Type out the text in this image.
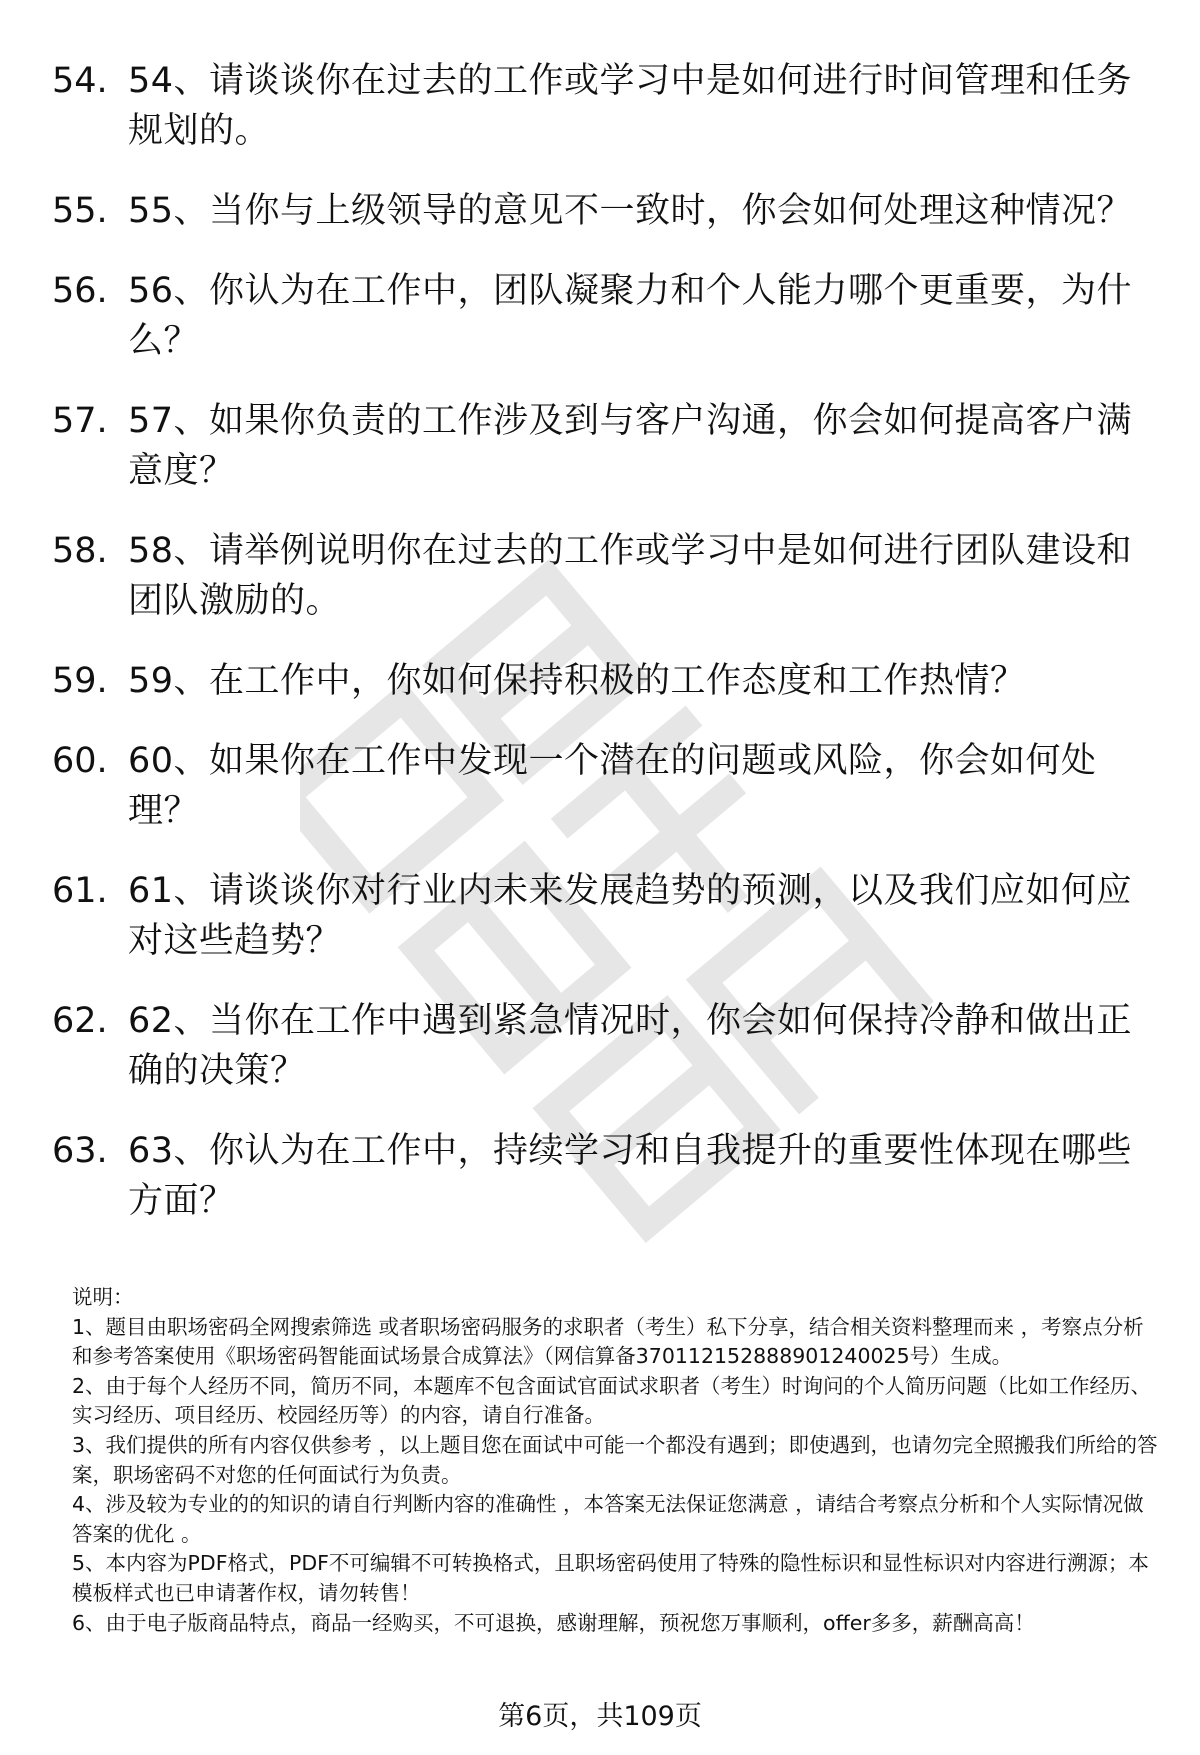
54. 54、请谈谈你在过去的工作或学习中是如何进行时间管理和任务规划的。
55. 55、当你与上级领导的意见不一致时，你会如何处理这种情况？
56. 56、你认为在工作中，团队凝聚力和个人能力哪个更重要，为什么？
57. 57、如果你负责的工作涉及到与客户沟通，你会如何提高客户满意度？
58. 58、请举例说明你在过去的工作或学习中是如何进行团队建设和团队激励的。
59. 59、在工作中，你如何保持积极的工作态度和工作热情？
60. 60、如果你在工作中发现一个潜在的问题或风险，你会如何处理？
61. 61、请谈谈你对行业内未来发展趋势的预测，以及我们应如何应对这些趋势？
62. 62、当你在工作中遇到紧急情况时，你会如何保持冷静和做出正确的决策？
63. 63、你认为在工作中，持续学习和自我提升的重要性体现在哪些方面？

说明：

1、题目由职场密码全网搜索筛选 或者职场密码服务的求职者（考生）私下分享，结合相关资料整理而来 ，考察点分析和参考答案使用《职场密码智能面试场景合成算法》（网信算备370112152888901240025号）生成。

2、由于每个人经历不同，简历不同，本题库不包含面试官面试求职者（考生）时询问的个人简历问题（比如工作经历、实习经历、项目经历、校园经历等）的内容，请自行准备。

3、我们提供的所有内容仅供参考 ，以上题目您在面试中可能一个都没有遇到；即使遇到，也请勿完全照搬我们所给的答案，职场密码不对您的任何面试行为负责。

4、涉及较为专业的的知识的请自行判断内容的准确性 ，本答案无法保证您满意 ，请结合考察点分析和个人实际情况做答案的优化 。

5、本内容为PDF格式，PDF不可编辑不可转换格式，且职场密码使用了特殊的隐性标识和显性标识对内容进行溯源；本模板样式也已申请著作权，请勿转售！

6、由于电子版商品特点，商品一经购买，不可退换，感谢理解，预祝您万事顺利，offer多多，薪酬高高！

第6页，共109页
